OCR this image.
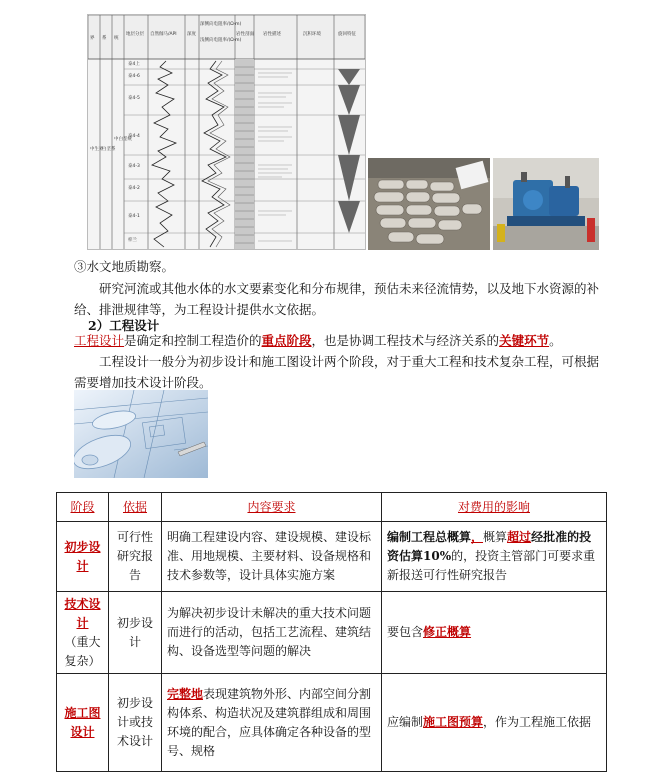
界 系 统
地层分层 自然伽马/API 深度
深侧向电阻率/(Ω·m)
浅侧向电阻率/(Ω·m)
岩性剖面 岩性描述	沉积环境	旋回特征
中生界
白垩系
中白垩统
泰4上
泰4-6
泰4-5
泰4-4
泰4-3
泰4-2
泰4-1
梓兰

③水文地质勘察。

研究河流或其他水体的水文要素变化和分布规律，预估未来径流情势，以及地下水资源的补给、排泄规律等，为工程设计提供水文依据。

2）工程设计

工程设计是确定和控制工程造价的重点阶段，也是协调工程技术与经济关系的关键环节。

工程设计一般分为初步设计和施工图设计两个阶段，对于重大工程和技术复杂工程，可根据需要增加技术设计阶段。

阶段	依据	内容要求	对费用的影响
初步设计	可行性研究报告	明确工程建设内容、建设规模、建设标准、用地规模、主要材料、设备规格和技术参数等，设计具体实施方案	编制工程总概算，概算超过经批准的投资估算10%的，投资主管部门可要求重新报送可行性研究报告
技术设计
（重大复杂）	初步设计	为解决初步设计未解决的重大技术问题而进行的活动，包括工艺流程、建筑结构、设备选型等问题的解决	要包含修正概算
施工图设计	初步设计或技术设计	完整地表现建筑物外形、内部空间分割构体系、构造状况及建筑群组成和周围环境的配合，应具体确定各种设备的型号、规格	应编制施工图预算，作为工程施工依据
